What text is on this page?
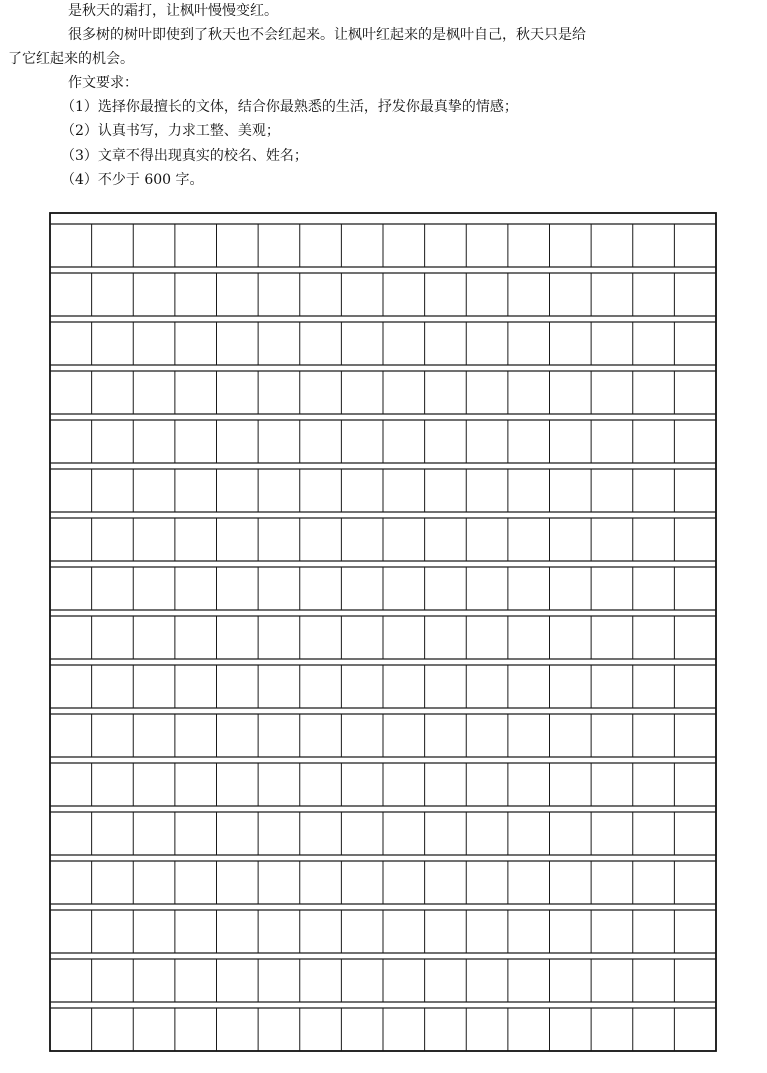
是秋天的霜打，让枫叶慢慢变红。
很多树的树叶即使到了秋天也不会红起来。让枫叶红起来的是枫叶自己，秋天只是给
了它红起来的机会。
作文要求：
（1）选择你最擅长的文体，结合你最熟悉的生活，抒发你最真挚的情感；
（2）认真书写，力求工整、美观；
（3）文章不得出现真实的校名、姓名；
（4）不少于 600 字。
